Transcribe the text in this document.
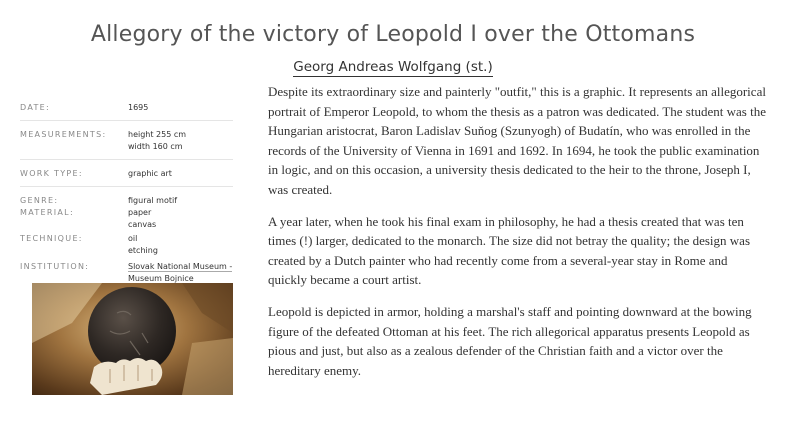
Allegory of the victory of Leopold I over the Ottomans
Georg Andreas Wolfgang (st.)
DATE:	1695
MEASUREMENTS:	height 255 cm
width 160 cm
WORK TYPE:	graphic art
GENRE:	figural motif
MATERIAL:	paper
canvas
TECHNIQUE:	oil
etching
INSTITUTION:	Slovak National Museum -
Museum Bojnice

Despite its extraordinary size and painterly "outfit," this is a graphic. It represents an allegorical portrait of Emperor Leopold, to whom the thesis as a patron was dedicated. The student was the Hungarian aristocrat, Baron Ladislav Suňog (Szunyogh) of Budatín, who was enrolled in the records of the University of Vienna in 1691 and 1692. In 1694, he took the public examination in logic, and on this occasion, a university thesis dedicated to the heir to the throne, Joseph I, was created.

A year later, when he took his final exam in philosophy, he had a thesis created that was ten times (!) larger, dedicated to the monarch. The size did not betray the quality; the design was created by a Dutch painter who had recently come from a several-year stay in Rome and quickly became a court artist.

Leopold is depicted in armor, holding a marshal's staff and pointing downward at the bowing figure of the defeated Ottoman at his feet. The rich allegorical apparatus presents Leopold as pious and just, but also as a zealous defender of the Christian faith and a victor over the hereditary enemy.
